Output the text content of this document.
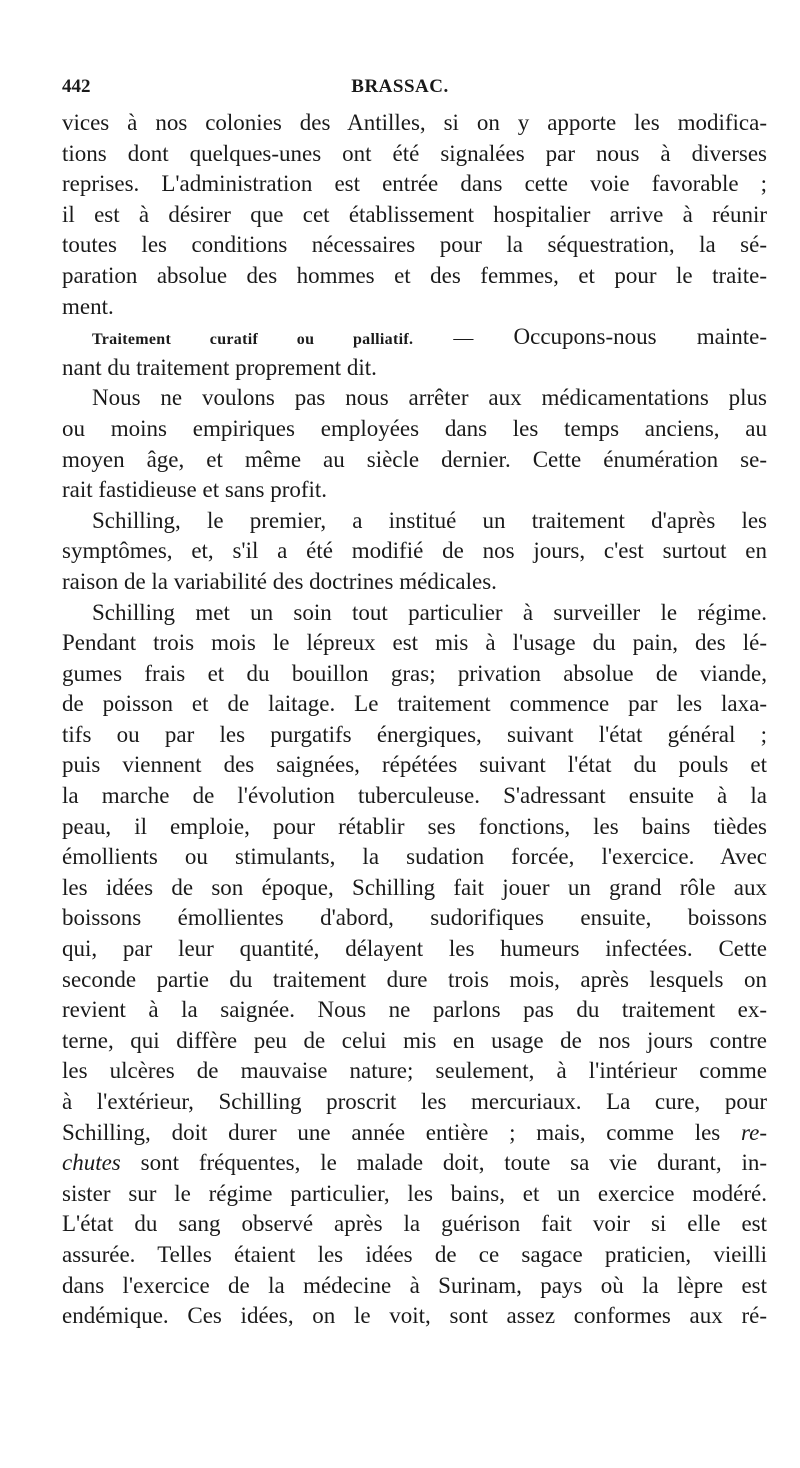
442	BRASSAC.
vices à nos colonies des Antilles, si on y apporte les modifica-
tions dont quelques-unes ont été signalées par nous à diverses
reprises. L'administration est entrée dans cette voie favorable ;
il est à désirer que cet établissement hospitalier arrive à réunir
toutes les conditions nécessaires pour la séquestration, la sé-
paration absolue des hommes et des femmes, et pour le traite-
ment.
Traitement curatif ou palliatif. — Occupons-nous mainte-
nant du traitement proprement dit.
Nous ne voulons pas nous arrêter aux médicamentations plus
ou moins empiriques employées dans les temps anciens, au
moyen âge, et même au siècle dernier. Cette énumération se-
rait fastidieuse et sans profit.
Schilling, le premier, a institué un traitement d'après les
symptômes, et, s'il a été modifié de nos jours, c'est surtout en
raison de la variabilité des doctrines médicales.
Schilling met un soin tout particulier à surveiller le régime.
Pendant trois mois le lépreux est mis à l'usage du pain, des lé-
gumes frais et du bouillon gras; privation absolue de viande,
de poisson et de laitage. Le traitement commence par les laxa-
tifs ou par les purgatifs énergiques, suivant l'état général ;
puis viennent des saignées, répétées suivant l'état du pouls et
la marche de l'évolution tuberculeuse. S'adressant ensuite à la
peau, il emploie, pour rétablir ses fonctions, les bains tièdes
émollients ou stimulants, la sudation forcée, l'exercice. Avec
les idées de son époque, Schilling fait jouer un grand rôle aux
boissons émollientes d'abord, sudorifiques ensuite, boissons
qui, par leur quantité, délayent les humeurs infectées. Cette
seconde partie du traitement dure trois mois, après lesquels on
revient à la saignée. Nous ne parlons pas du traitement ex-
terne, qui diffère peu de celui mis en usage de nos jours contre
les ulcères de mauvaise nature; seulement, à l'intérieur comme
à l'extérieur, Schilling proscrit les mercuriaux. La cure, pour
Schilling, doit durer une année entière ; mais, comme les re-
chutes sont fréquentes, le malade doit, toute sa vie durant, in-
sister sur le régime particulier, les bains, et un exercice modéré.
L'état du sang observé après la guérison fait voir si elle est
assurée. Telles étaient les idées de ce sagace praticien, vieilli
dans l'exercice de la médecine à Surinam, pays où la lèpre est
endémique. Ces idées, on le voit, sont assez conformes aux ré-
